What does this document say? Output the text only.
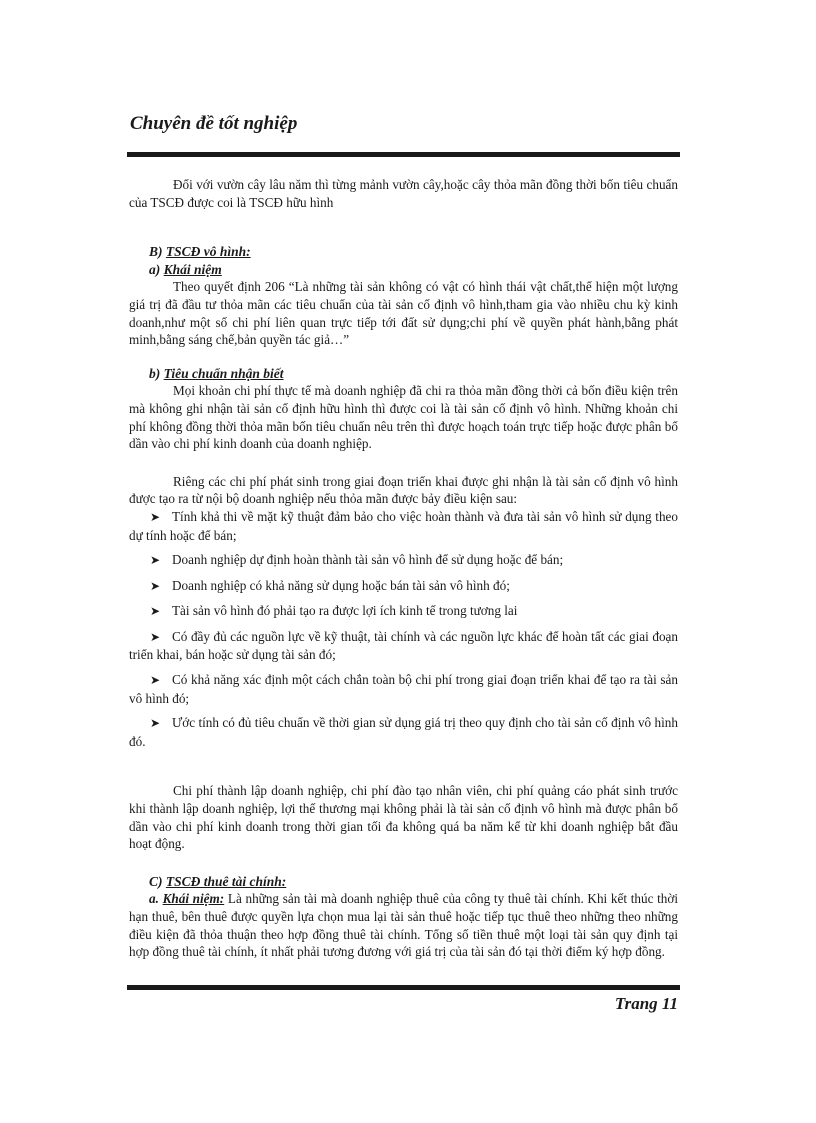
Chuyên đề tốt nghiệp

Đối với vườn cây lâu năm thì từng mảnh vườn cây,hoặc cây thỏa mãn đồng thời bốn tiêu chuẩn của TSCĐ được coi là TSCĐ hữu hình

B) TSCĐ vô hình:

a) Khái niệm

Theo quyết định 206 “Là những tài sản không có vật có hình thái vật chất,thể hiện một lượng giá trị đã đầu tư thỏa mãn các tiêu chuẩn của tài sản cố định vô hình,tham gia vào nhiều chu kỳ kinh doanh,như một số chi phí liên quan trực tiếp tới đất sử dụng;chi phí về quyền phát hành,bằng phát minh,bằng sáng chế,bản quyền tác giả…”

b) Tiêu chuẩn nhận biết

Mọi khoản chi phí thực tế mà doanh nghiệp đã chi ra thỏa mãn đồng thời cả bốn điều kiện trên mà không ghi nhận tài sản cố định hữu hình thì được coi là tài sản cố định vô hình. Những khoản chi phí không đồng thời thỏa mãn bốn tiêu chuẩn nêu trên thì được hoạch toán trực tiếp hoặc được phân bổ dần vào chi phí kinh doanh của doanh nghiệp.

Riêng các chi phí phát sinh trong giai đoạn triển khai được ghi nhận là tài sản cố định vô hình được tạo ra từ nội bộ doanh nghiệp nếu thỏa mãn được bảy điều kiện sau:

➤ Tính khả thi về mặt kỹ thuật đảm bảo cho việc hoàn thành và đưa tài sản vô hình sử dụng theo dự tính hoặc để bán;

➤ Doanh nghiệp dự định hoàn thành tài sản vô hình để sử dụng hoặc để bán;

➤ Doanh nghiệp có khả năng sử dụng hoặc bán tài sản vô hình đó;

➤ Tài sản vô hình đó phải tạo ra được lợi ích kinh tế trong tương lai

➤ Có đầy đủ các nguồn lực về kỹ thuật, tài chính và các nguồn lực khác để hoàn tất các giai đoạn triển khai, bán hoặc sử dụng tài sản đó;

➤ Có khả năng xác định một cách chắn toàn bộ chi phí trong giai đoạn triển khai để tạo ra tài sản vô hình đó;

➤ Ước tính có đủ tiêu chuẩn về thời gian sử dụng giá trị theo quy định cho tài sản cố định vô hình đó.

Chi phí thành lập doanh nghiệp, chi phí đào tạo nhân viên, chi phí quảng cáo phát sinh trước khi thành lập doanh nghiệp, lợi thế thương mại không phải là tài sản cố định vô hình mà được phân bổ dần vào chi phí kinh doanh trong thời gian tối đa không quá ba năm kể từ khi doanh nghiệp bắt đầu hoạt động.

C) TSCĐ thuê tài chính:

a. Khái niệm: Là những sản tài mà doanh nghiệp thuê của công ty thuê tài chính. Khi kết thúc thời hạn thuê, bên thuê được quyền lựa chọn mua lại tài sản thuê hoặc tiếp tục thuê theo những theo những điều kiện đã thỏa thuận theo hợp đồng thuê tài chính. Tổng số tiền thuê một loại tài sản quy định tại hợp đồng thuê tài chính, ít nhất phải tương đương với giá trị của tài sản đó tại thời điểm ký hợp đồng.

Trang 11
